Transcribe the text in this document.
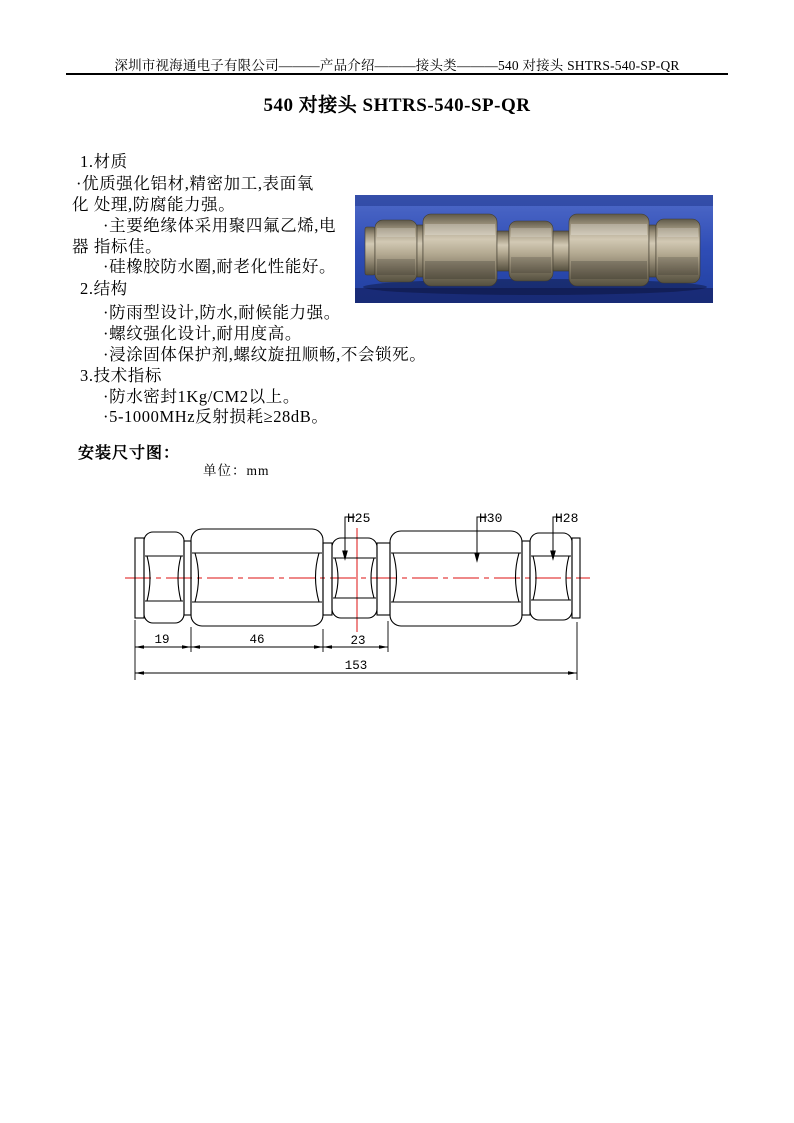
深圳市视海通电子有限公司———产品介绍———接头类———540 对接头 SHTRS-540-SP-QR
540 对接头 SHTRS-540-SP-QR
1.材质
·优质强化铝材,精密加工,表面氧
化 处理,防腐能力强。
·主要绝缘体采用聚四氟乙烯,电
器 指标佳。
·硅橡胶防水圈,耐老化性能好。
2.结构
·防雨型设计,防水,耐候能力强。
·螺纹强化设计,耐用度高。
·浸涂固体保护剂,螺纹旋扭顺畅,不会锁死。
3.技术指标
·防水密封1Kg/CM2以上。
·5-1000MHz反射损耗≥28dB。
安装尺寸图：
单位：mm
H25	H30	H28
19	46	23
153
